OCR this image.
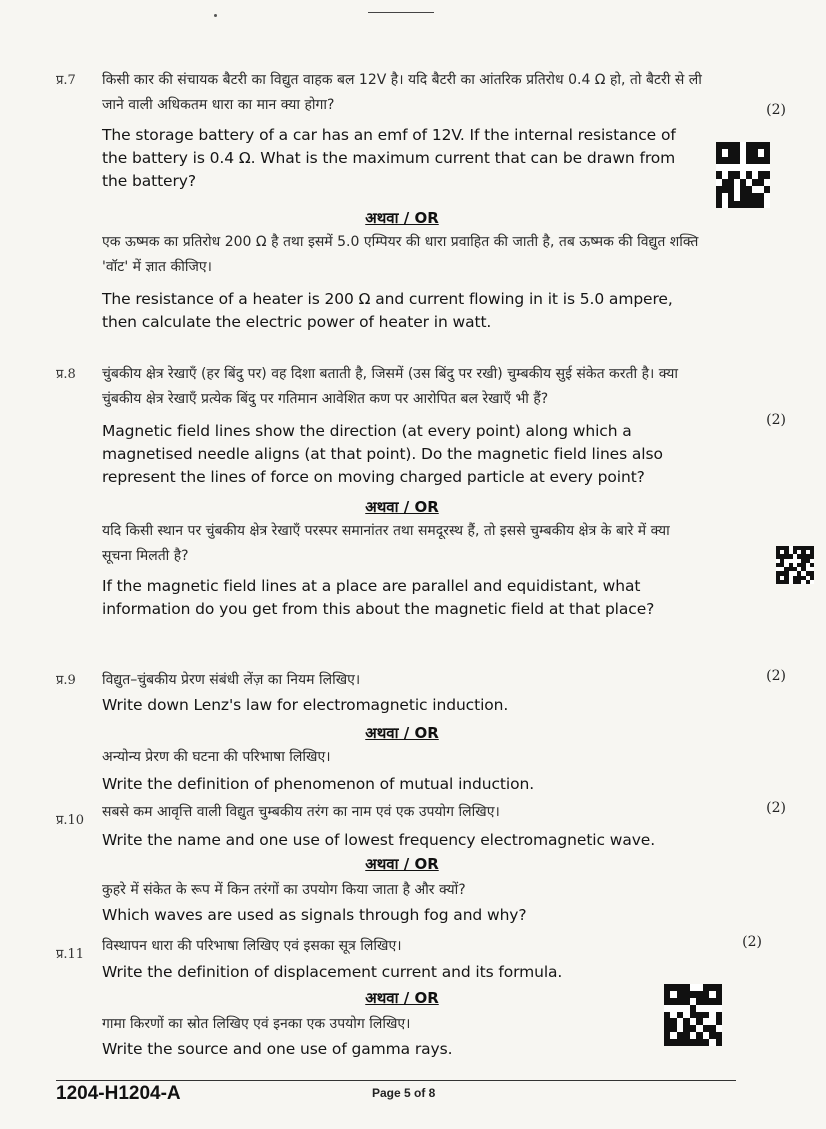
प्र.7
(2)
किसी कार की संचायक बैटरी का विद्युत वाहक बल 12V है। यदि बैटरी का आंतरिक प्रतिरोध 0.4 Ω हो, तो बैटरी से ली जाने वाली अधिकतम धारा का मान क्या होगा?
The storage battery of a car has an emf of 12V. If the internal resistance of the battery is 0.4 Ω. What is the maximum current that can be drawn from the battery?
अथवा / OR
एक ऊष्मक का प्रतिरोध 200 Ω है तथा इसमें 5.0 एम्पियर की धारा प्रवाहित की जाती है, तब ऊष्मक की विद्युत शक्ति 'वॉट' में ज्ञात कीजिए।
The resistance of a heater is 200 Ω and current flowing in it is 5.0 ampere, then calculate the electric power of heater in watt.
प्र.8
(2)
चुंबकीय क्षेत्र रेखाएँ (हर बिंदु पर) वह दिशा बताती है, जिसमें (उस बिंदु पर रखी) चुम्बकीय सुई संकेत करती है। क्या चुंबकीय क्षेत्र रेखाएँ प्रत्येक बिंदु पर गतिमान आवेशित कण पर आरोपित बल रेखाएँ भी हैं?
Magnetic field lines show the direction (at every point) along which a magnetised needle aligns (at that point). Do the magnetic field lines also represent the lines of force on moving charged particle at every point?
अथवा / OR
यदि किसी स्थान पर चुंबकीय क्षेत्र रेखाएँ परस्पर समानांतर तथा समदूरस्थ हैं, तो इससे चुम्बकीय क्षेत्र के बारे में क्या सूचना मिलती है?
If the magnetic field lines at a place are parallel and equidistant, what information do you get from this about the magnetic field at that place?
प्र.9	(2)
विद्युत–चुंबकीय प्रेरण संबंधी लेंज़ का नियम लिखिए।
Write down Lenz's law for electromagnetic induction.
अथवा / OR
अन्योन्य प्रेरण की घटना की परिभाषा लिखिए।
Write the definition of phenomenon of mutual induction.
प्र.10
(2)
सबसे कम आवृत्ति वाली विद्युत चुम्बकीय तरंग का नाम एवं एक उपयोग लिखिए।
Write the name and one use of lowest frequency electromagnetic wave.
अथवा / OR
कुहरे में संकेत के रूप में किन तरंगों का उपयोग किया जाता है और क्यों?
Which waves are used as signals through fog and why?
प्र.11
(2)
विस्थापन धारा की परिभाषा लिखिए एवं इसका सूत्र लिखिए।
Write the definition of displacement current and its formula.
अथवा / OR
गामा किरणों का स्रोत लिखिए एवं इनका एक उपयोग लिखिए।
Write the source and one use of gamma rays.
1204-H1204-A	Page 5 of 8
